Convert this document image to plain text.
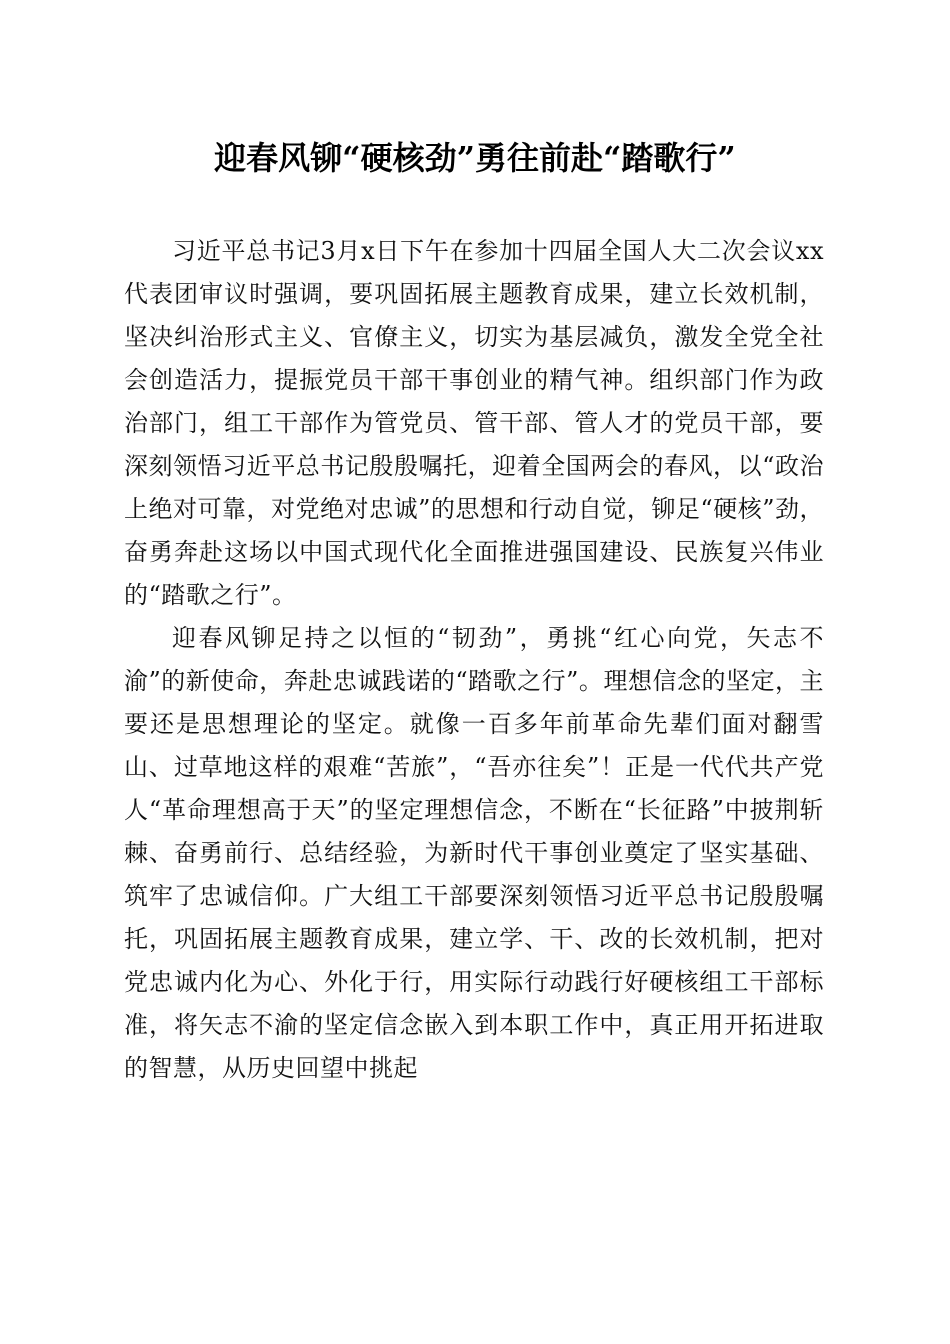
迎春风铆“硬核劲”勇往前赴“踏歌行”

习近平总书记3月x日下午在参加十四届全国人大二次会议xx代表团审议时强调，要巩固拓展主题教育成果，建立长效机制，坚决纠治形式主义、官僚主义，切实为基层减负，激发全党全社会创造活力，提振党员干部干事创业的精气神。组织部门作为政治部门，组工干部作为管党员、管干部、管人才的党员干部，要深刻领悟习近平总书记殷殷嘱托，迎着全国两会的春风，以“政治上绝对可靠，对党绝对忠诚”的思想和行动自觉，铆足“硬核”劲，奋勇奔赴这场以中国式现代化全面推进强国建设、民族复兴伟业的“踏歌之行”。

迎春风铆足持之以恒的“韧劲”，勇挑“红心向党，矢志不渝”的新使命，奔赴忠诚践诺的“踏歌之行”。理想信念的坚定，主要还是思想理论的坚定。就像一百多年前革命先辈们面对翻雪山、过草地这样的艰难“苦旅”，“吾亦往矣”！正是一代代共产党人“革命理想高于天”的坚定理想信念，不断在“长征路”中披荆斩棘、奋勇前行、总结经验，为新时代干事创业奠定了坚实基础、筑牢了忠诚信仰。广大组工干部要深刻领悟习近平总书记殷殷嘱托，巩固拓展主题教育成果，建立学、干、改的长效机制，把对党忠诚内化为心、外化于行，用实际行动践行好硬核组工干部标准，将矢志不渝的坚定信念嵌入到本职工作中，真正用开拓进取的智慧，从历史回望中挑起
